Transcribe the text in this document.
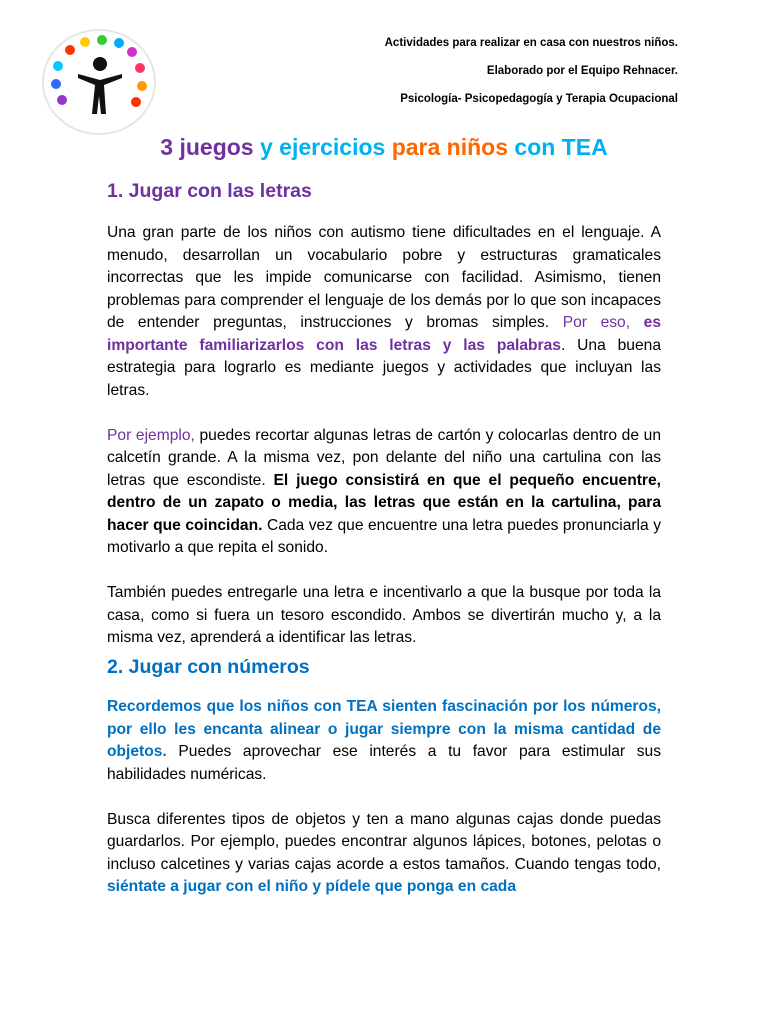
Actividades para realizar en casa con nuestros niños.
Elaborado por el Equipo Rehnacer.
Psicología- Psicopedagogía y Terapia Ocupacional
3 juegos y ejercicios para niños con TEA
1. Jugar con las letras

Una gran parte de los niños con autismo tiene dificultades en el lenguaje. A menudo, desarrollan un vocabulario pobre y estructuras gramaticales incorrectas que les impide comunicarse con facilidad. Asimismo, tienen problemas para comprender el lenguaje de los demás por lo que son incapaces de entender preguntas, instrucciones y bromas simples. Por eso, es importante familiarizarlos con las letras y las palabras. Una buena estrategia para lograrlo es mediante juegos y actividades que incluyan las letras.

Por ejemplo, puedes recortar algunas letras de cartón y colocarlas dentro de un calcetín grande. A la misma vez, pon delante del niño una cartulina con las letras que escondiste. El juego consistirá en que el pequeño encuentre, dentro de un zapato o media, las letras que están en la cartulina, para hacer que coincidan. Cada vez que encuentre una letra puedes pronunciarla y motivarlo a que repita el sonido.

También puedes entregarle una letra e incentivarlo a que la busque por toda la casa, como si fuera un tesoro escondido. Ambos se divertirán mucho y, a la misma vez, aprenderá a identificar las letras.

2. Jugar con números

Recordemos que los niños con TEA sienten fascinación por los números, por ello les encanta alinear o jugar siempre con la misma cantidad de objetos. Puedes aprovechar ese interés a tu favor para estimular sus habilidades numéricas.

Busca diferentes tipos de objetos y ten a mano algunas cajas donde puedas guardarlos. Por ejemplo, puedes encontrar algunos lápices, botones, pelotas o incluso calcetines y varias cajas acorde a estos tamaños. Cuando tengas todo, siéntate a jugar con el niño y pídele que ponga en cada
